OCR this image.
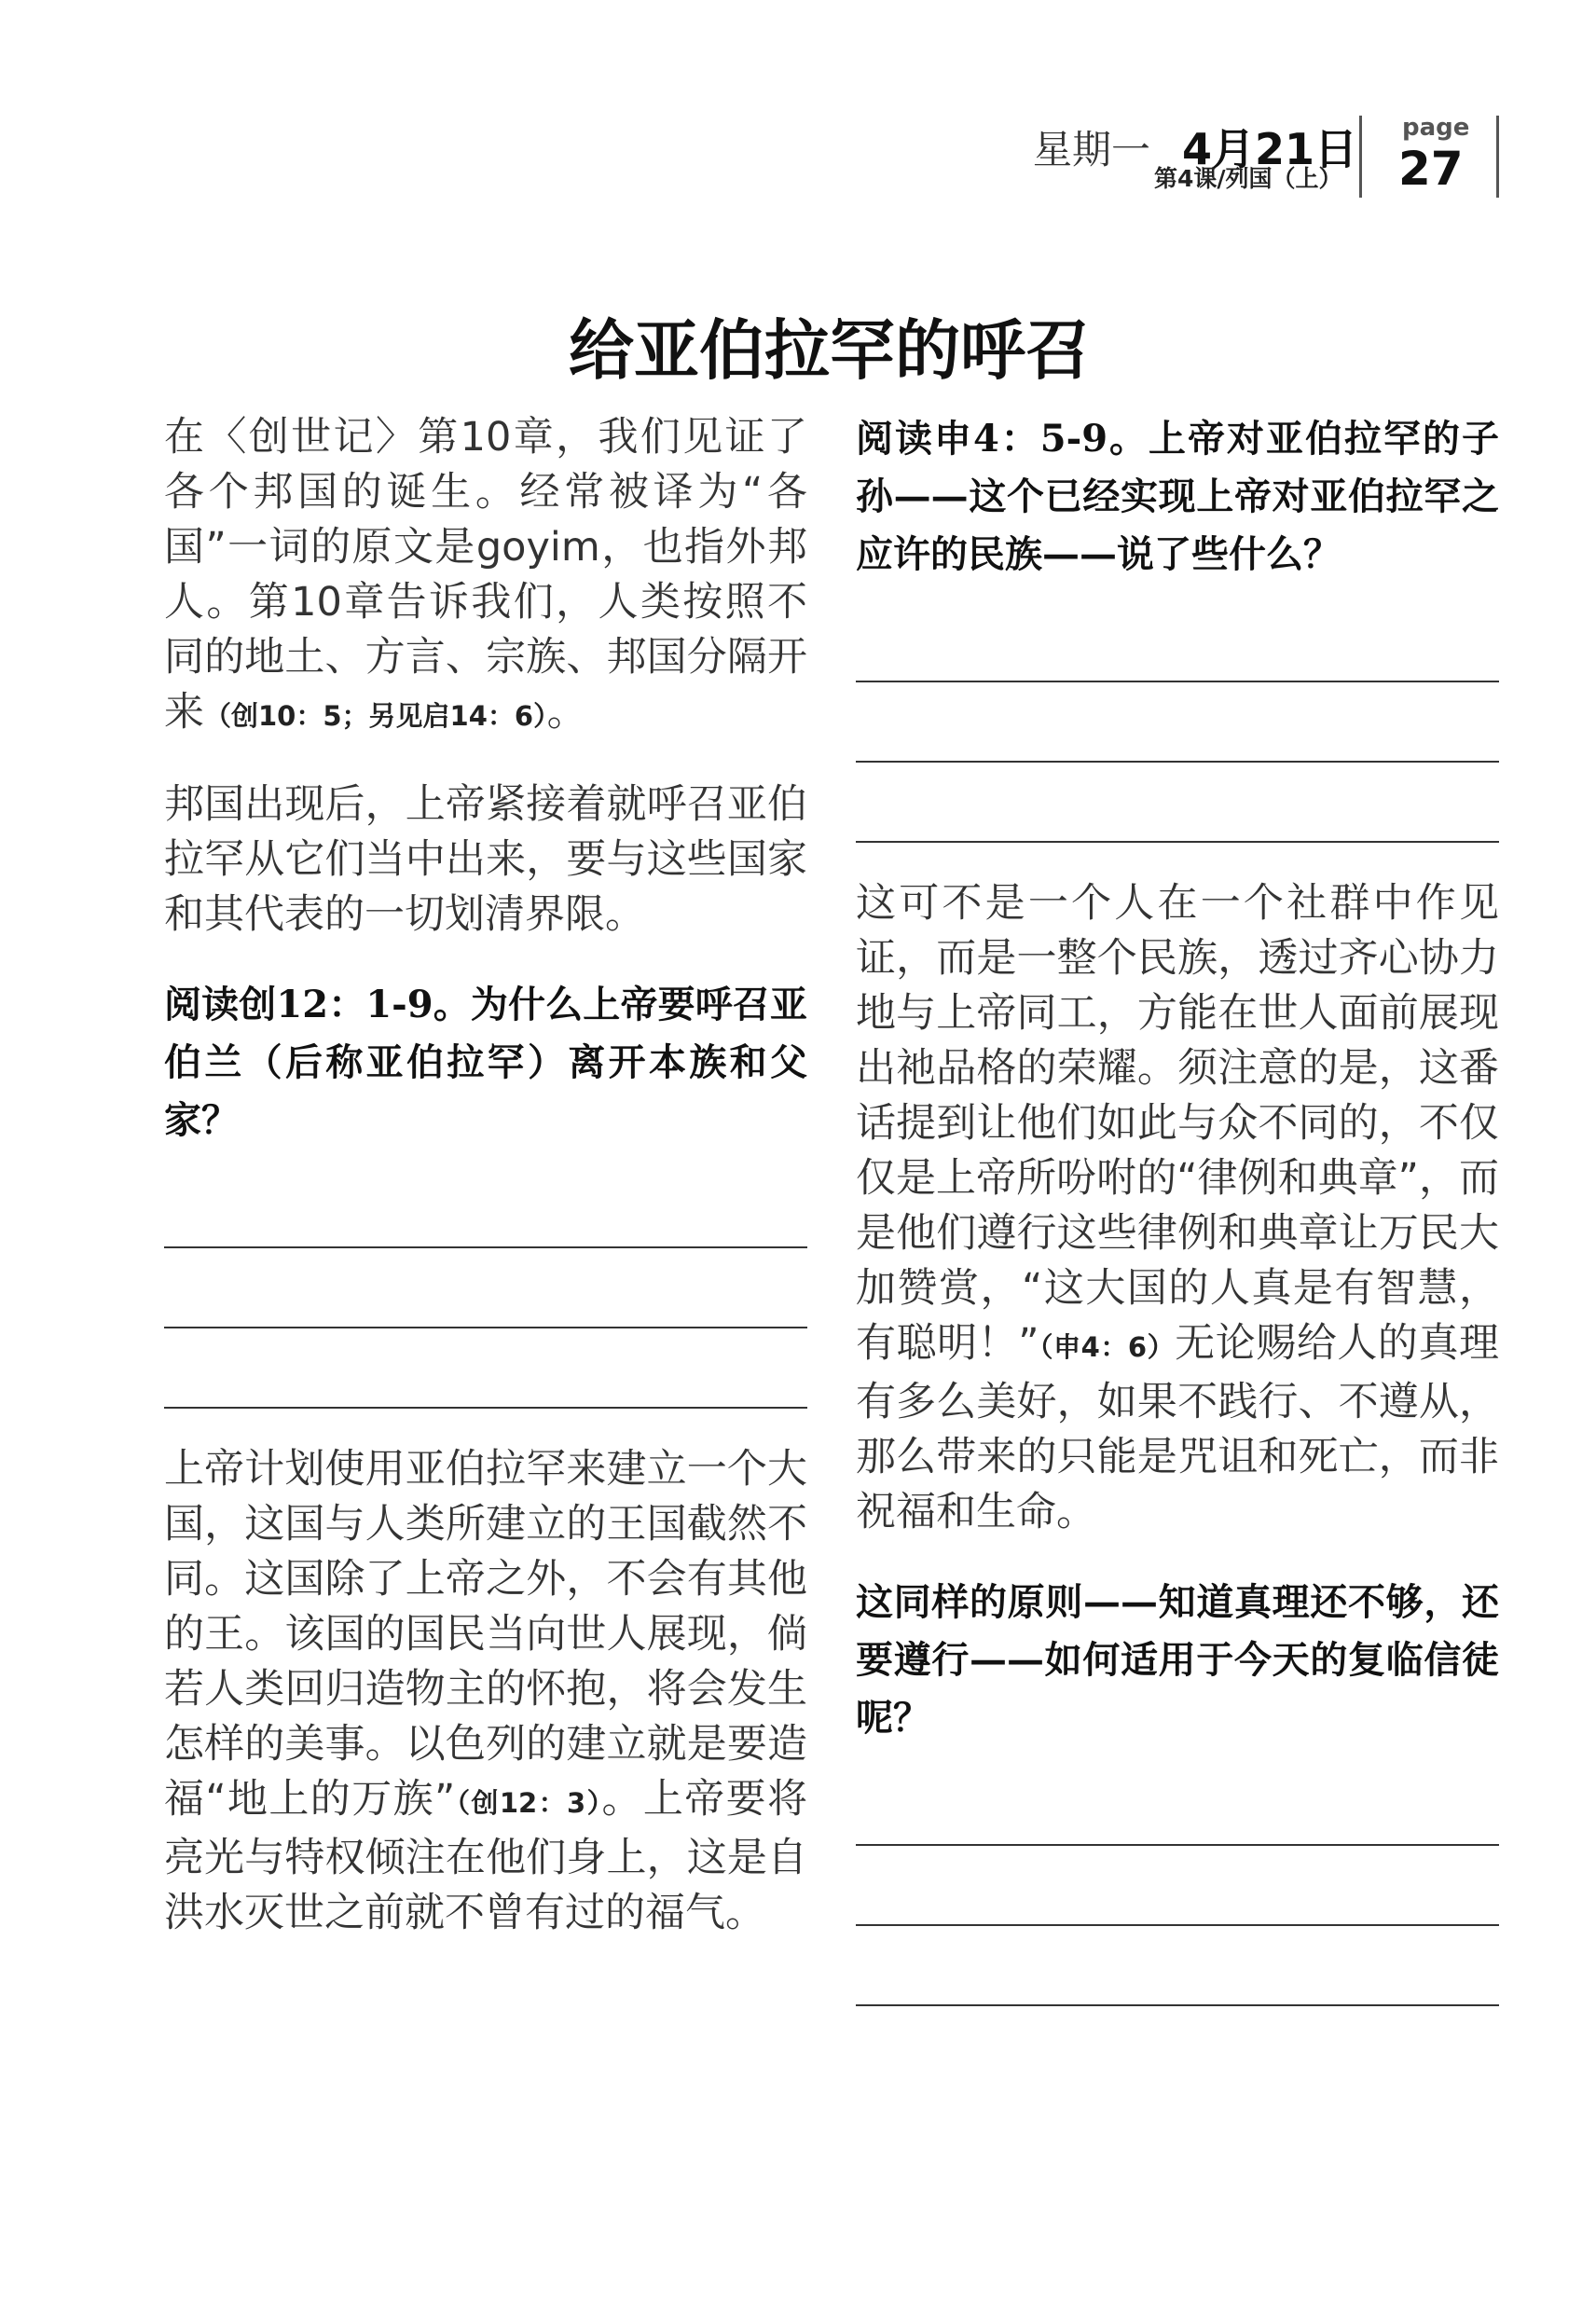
星期一 4月21日
第4课/列国（上）
page
27
给亚伯拉罕的呼召

在〈创世记〉第10章，我们见证了各个邦国的诞生。经常被译为“各国”一词的原文是goyim，也指外邦人。第10章告诉我们，人类按照不同的地土、方言、宗族、邦国分隔开来（创10：5；另见启14：6）。

邦国出现后，上帝紧接着就呼召亚伯拉罕从它们当中出来，要与这些国家和其代表的一切划清界限。

阅读创12：1-9。为什么上帝要呼召亚伯兰（后称亚伯拉罕）离开本族和父家？

上帝计划使用亚伯拉罕来建立一个大国，这国与人类所建立的王国截然不同。这国除了上帝之外，不会有其他的王。该国的国民当向世人展现，倘若人类回归造物主的怀抱，将会发生怎样的美事。以色列的建立就是要造福“地上的万族”（创12：3）。上帝要将亮光与特权倾注在他们身上，这是自洪水灭世之前就不曾有过的福气。

阅读申4：5-9。上帝对亚伯拉罕的子孙——这个已经实现上帝对亚伯拉罕之应许的民族——说了些什么？

这可不是一个人在一个社群中作见证，而是一整个民族，透过齐心协力地与上帝同工，方能在世人面前展现出祂品格的荣耀。须注意的是，这番话提到让他们如此与众不同的，不仅仅是上帝所吩咐的“律例和典章”，而是他们遵行这些律例和典章让万民大加赞赏，“这大国的人真是有智慧，有聪明！”（申4：6）无论赐给人的真理有多么美好，如果不践行、不遵从，那么带来的只能是咒诅和死亡，而非祝福和生命。

这同样的原则——知道真理还不够，还要遵行——如何适用于今天的复临信徒呢？
